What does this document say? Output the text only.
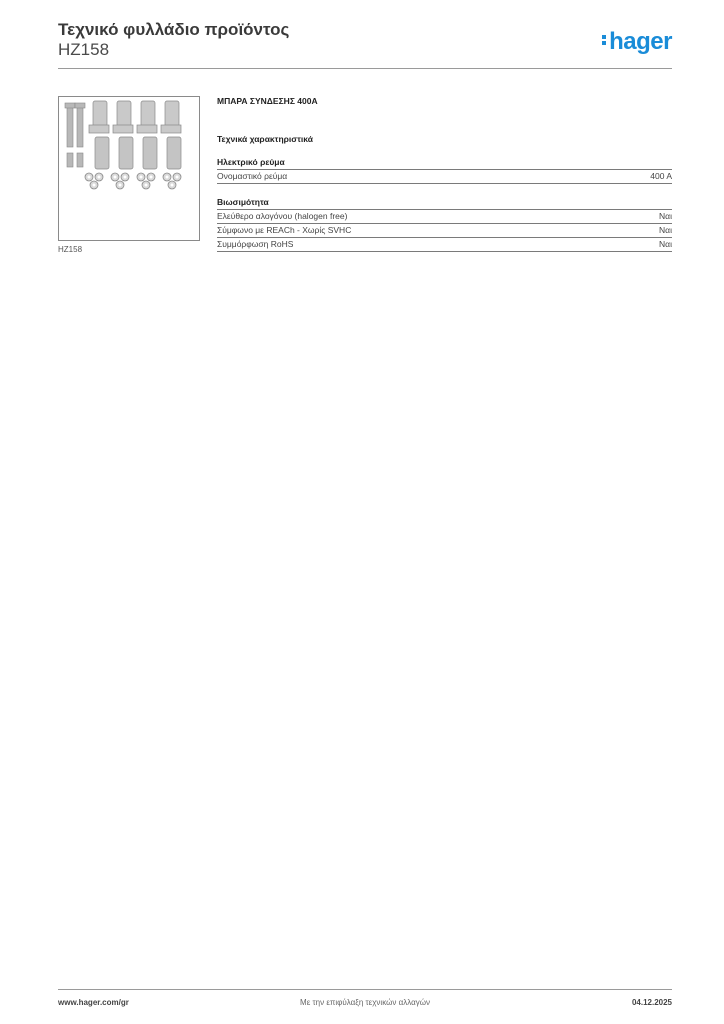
Τεχνικό φυλλάδιο προϊόντος
HZ158	hager
HZ158
ΜΠΑΡΑ ΣΥΝΔΕΣΗΣ 400A
Τεχνικά χαρακτηριστικά
Ηλεκτρικό ρεύμα
Ονομαστικό ρεύμα	400 A
Βιωσιμότητα
Ελεύθερο αλογόνου (halogen free)	Ναι
Σύμφωνο με REACh - Χωρίς SVHC	Ναι
Συμμόρφωση RoHS	Ναι
www.hager.com/gr	Με την επιφύλαξη τεχνικών αλλαγών	04.12.2025
